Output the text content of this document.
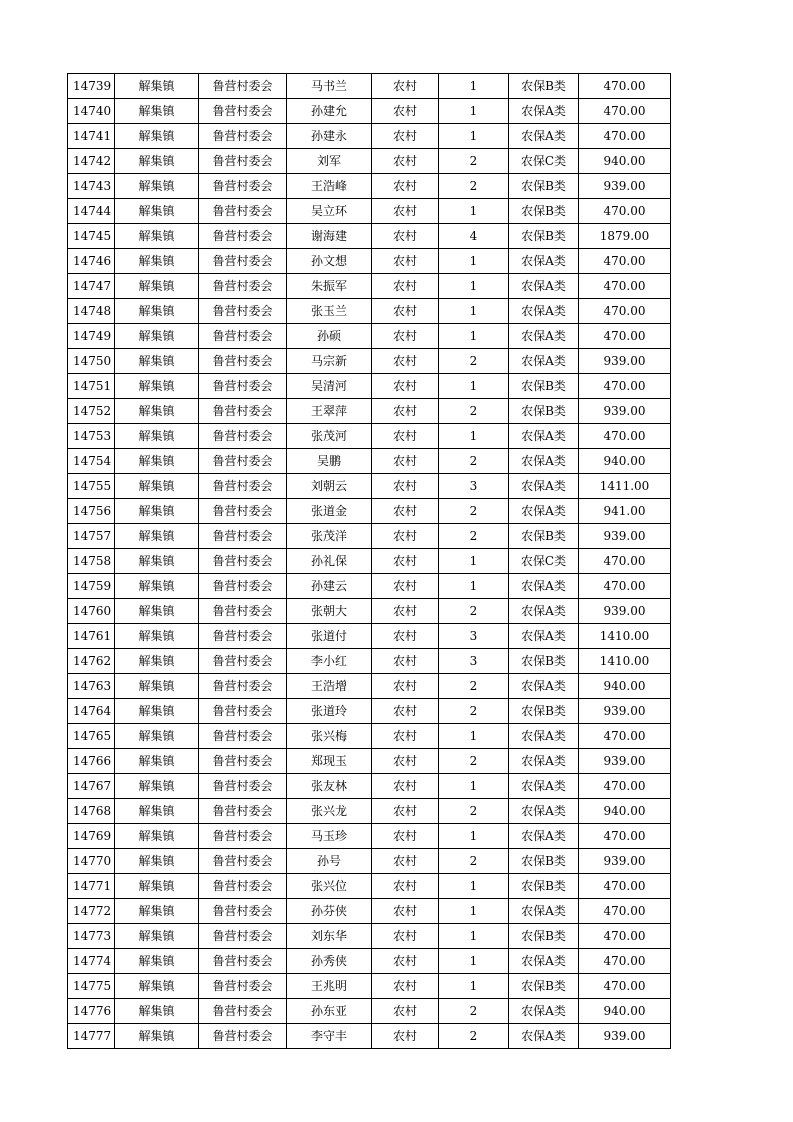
14739	解集镇	鲁营村委会	马书兰	农村	1	农保B类	470.00
14740	解集镇	鲁营村委会	孙建允	农村	1	农保A类	470.00
14741	解集镇	鲁营村委会	孙建永	农村	1	农保A类	470.00
14742	解集镇	鲁营村委会	刘军	农村	2	农保C类	940.00
14743	解集镇	鲁营村委会	王浩峰	农村	2	农保B类	939.00
14744	解集镇	鲁营村委会	吴立环	农村	1	农保B类	470.00
14745	解集镇	鲁营村委会	谢海建	农村	4	农保B类	1879.00
14746	解集镇	鲁营村委会	孙文想	农村	1	农保A类	470.00
14747	解集镇	鲁营村委会	朱振军	农村	1	农保A类	470.00
14748	解集镇	鲁营村委会	张玉兰	农村	1	农保A类	470.00
14749	解集镇	鲁营村委会	孙硕	农村	1	农保A类	470.00
14750	解集镇	鲁营村委会	马宗新	农村	2	农保A类	939.00
14751	解集镇	鲁营村委会	吴清河	农村	1	农保B类	470.00
14752	解集镇	鲁营村委会	王翠萍	农村	2	农保B类	939.00
14753	解集镇	鲁营村委会	张茂河	农村	1	农保A类	470.00
14754	解集镇	鲁营村委会	吴鹏	农村	2	农保A类	940.00
14755	解集镇	鲁营村委会	刘朝云	农村	3	农保A类	1411.00
14756	解集镇	鲁营村委会	张道金	农村	2	农保A类	941.00
14757	解集镇	鲁营村委会	张茂洋	农村	2	农保B类	939.00
14758	解集镇	鲁营村委会	孙礼保	农村	1	农保C类	470.00
14759	解集镇	鲁营村委会	孙建云	农村	1	农保A类	470.00
14760	解集镇	鲁营村委会	张朝大	农村	2	农保A类	939.00
14761	解集镇	鲁营村委会	张道付	农村	3	农保A类	1410.00
14762	解集镇	鲁营村委会	李小红	农村	3	农保B类	1410.00
14763	解集镇	鲁营村委会	王浩增	农村	2	农保A类	940.00
14764	解集镇	鲁营村委会	张道玲	农村	2	农保B类	939.00
14765	解集镇	鲁营村委会	张兴梅	农村	1	农保A类	470.00
14766	解集镇	鲁营村委会	郑现玉	农村	2	农保A类	939.00
14767	解集镇	鲁营村委会	张友林	农村	1	农保A类	470.00
14768	解集镇	鲁营村委会	张兴龙	农村	2	农保A类	940.00
14769	解集镇	鲁营村委会	马玉珍	农村	1	农保A类	470.00
14770	解集镇	鲁营村委会	孙号	农村	2	农保B类	939.00
14771	解集镇	鲁营村委会	张兴位	农村	1	农保B类	470.00
14772	解集镇	鲁营村委会	孙芬侠	农村	1	农保A类	470.00
14773	解集镇	鲁营村委会	刘东华	农村	1	农保B类	470.00
14774	解集镇	鲁营村委会	孙秀侠	农村	1	农保A类	470.00
14775	解集镇	鲁营村委会	王兆明	农村	1	农保B类	470.00
14776	解集镇	鲁营村委会	孙东亚	农村	2	农保A类	940.00
14777	解集镇	鲁营村委会	李守丰	农村	2	农保A类	939.00
